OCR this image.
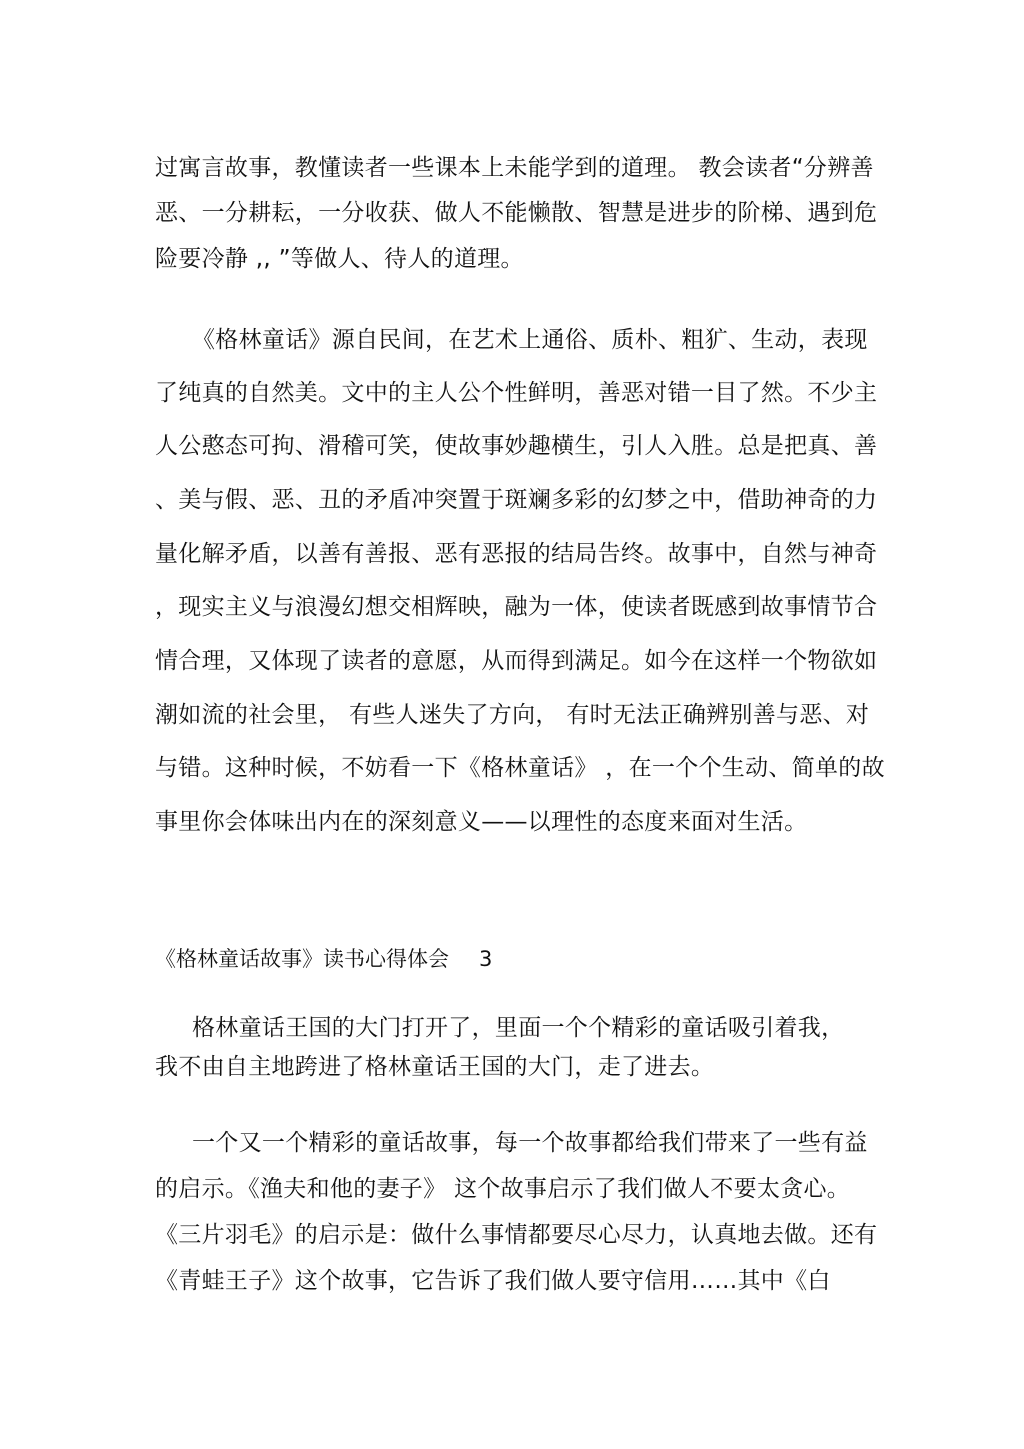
过寓言故事，教懂读者一些课本上未能学到的道理。 教会读者“分辨善
恶、一分耕耘，一分收获、做人不能懒散、智慧是进步的阶梯、遇到危
险要冷静 ,, ”等做人、待人的道理。
《格林童话》源自民间，在艺术上通俗、质朴、粗犷、生动，表现
了纯真的自然美。文中的主人公个性鲜明，善恶对错一目了然。不少主
人公憨态可拘、滑稽可笑，使故事妙趣横生，引人入胜。总是把真、善
、美与假、恶、丑的矛盾冲突置于斑斓多彩的幻梦之中，借助神奇的力
量化解矛盾，以善有善报、恶有恶报的结局告终。故事中，自然与神奇
，现实主义与浪漫幻想交相辉映，融为一体，使读者既感到故事情节合
情合理，又体现了读者的意愿，从而得到满足。如今在这样一个物欲如
潮如流的社会里， 有些人迷失了方向， 有时无法正确辨别善与恶、对
与错。这种时候，不妨看一下《格林童话》 ，在一个个生动、简单的故
事里你会体味出内在的深刻意义——以理性的态度来面对生活。
《格林童话故事》读书心得体会 3
格林童话王国的大门打开了，里面一个个精彩的童话吸引着我，
我不由自主地跨进了格林童话王国的大门，走了进去。
一个又一个精彩的童话故事，每一个故事都给我们带来了一些有益
的启示。《渔夫和他的妻子》 这个故事启示了我们做人不要太贪心。
《三片羽毛》的启示是：做什么事情都要尽心尽力，认真地去做。还有
《青蛙王子》这个故事，它告诉了我们做人要守信用……其中《白
